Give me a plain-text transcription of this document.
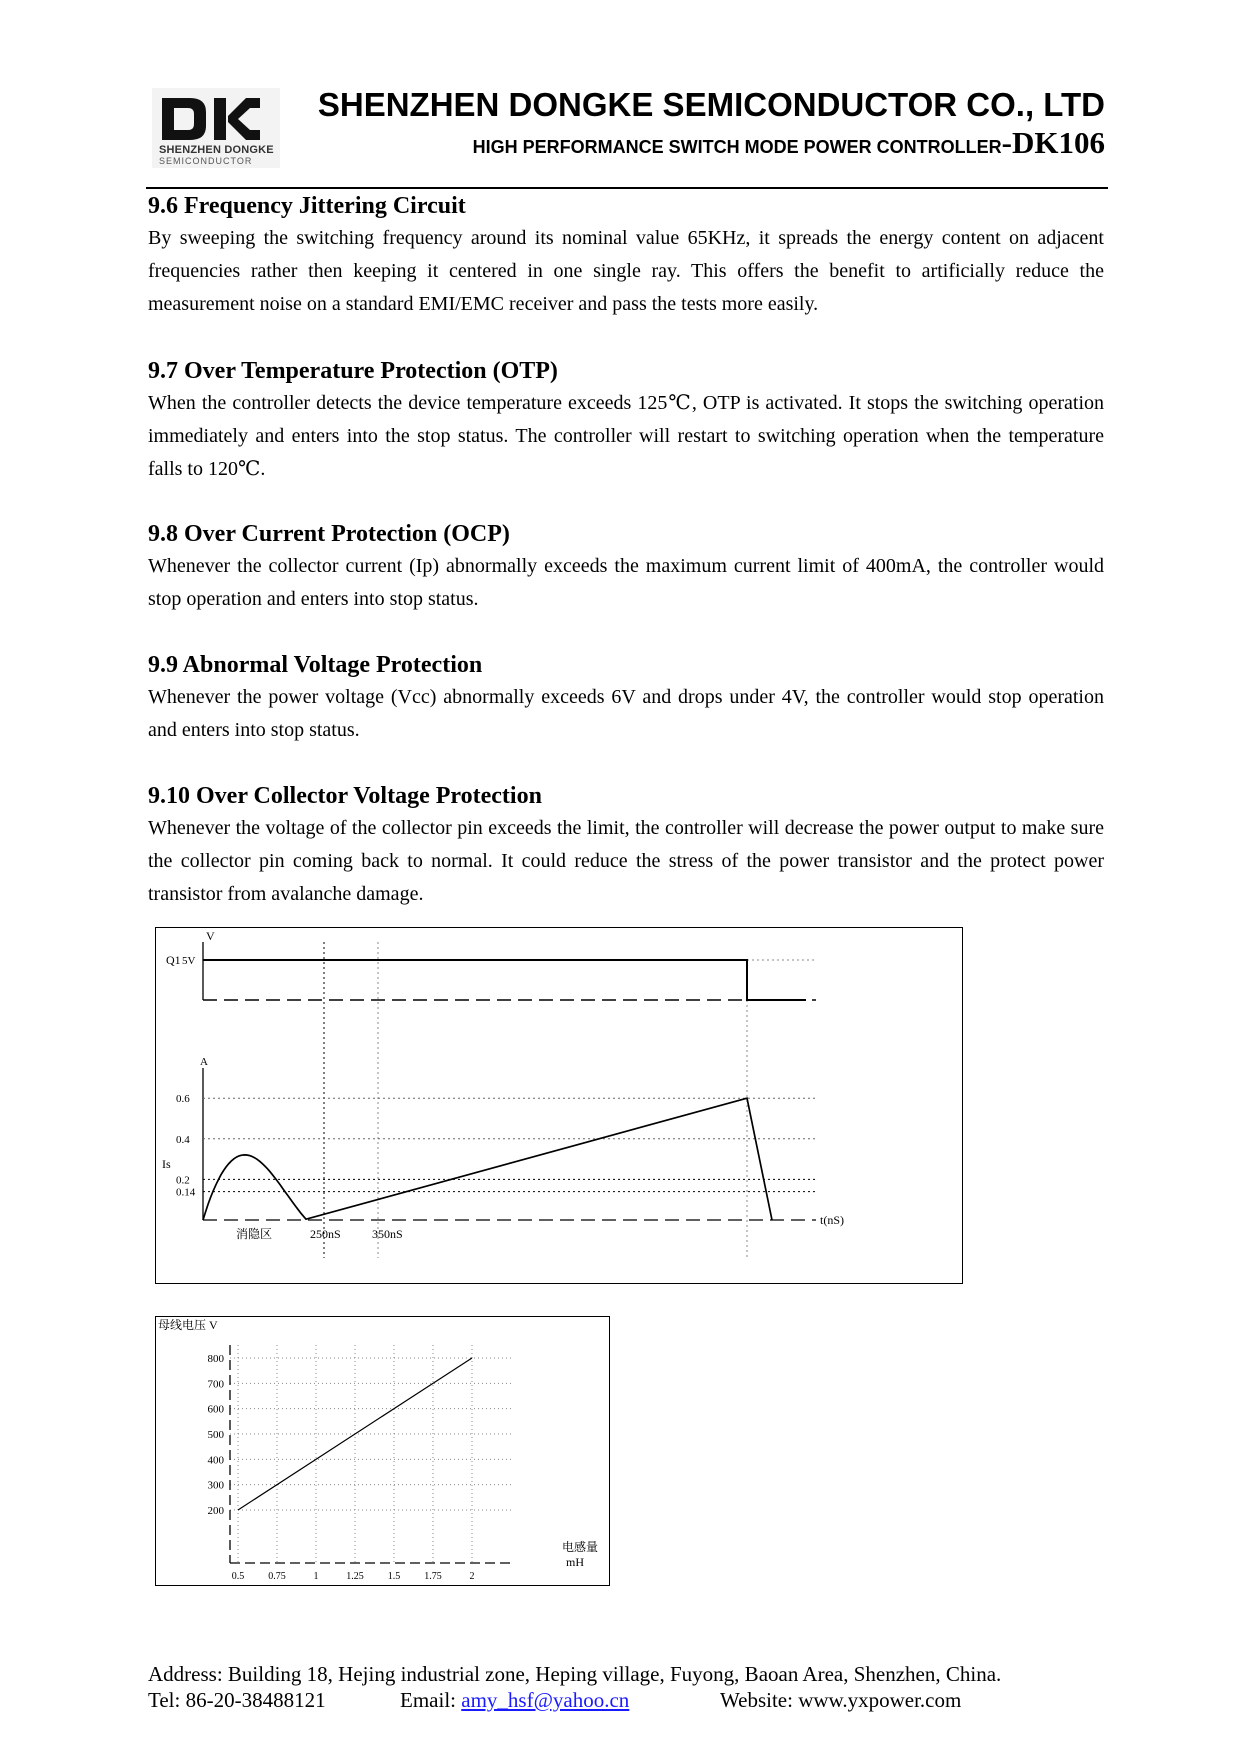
SHENZHEN DONGKE
SEMICONDUCTOR
SHENZHEN DONGKE SEMICONDUCTOR CO., LTD
HIGH PERFORMANCE SWITCH MODE POWER CONTROLLER-DK106
9.6 Frequency Jittering Circuit

By sweeping the switching frequency around its nominal value 65KHz, it spreads the energy content on adjacent frequencies rather then keeping it centered in one single ray. This offers the benefit to artificially reduce the measurement noise on a standard EMI/EMC receiver and pass the tests more easily.

9.7 Over Temperature Protection (OTP)

When the controller detects the device temperature exceeds 125℃, OTP is activated. It stops the switching operation immediately and enters into the stop status. The controller will restart to switching operation when the temperature falls to 120℃.

9.8 Over Current Protection (OCP)

Whenever the collector current (Ip) abnormally exceeds the maximum current limit of 400mA, the controller would stop operation and enters into stop status.

9.9 Abnormal Voltage Protection

Whenever the power voltage (Vcc) abnormally exceeds 6V and drops under 4V, the controller would stop operation and enters into stop status.

9.10 Over Collector Voltage Protection

Whenever the voltage of the collector pin exceeds the limit, the controller will decrease the power output to make sure the collector pin coming back to normal. It could reduce the stress of the power transistor and the protect power transistor from avalanche damage.

V
Q1 5V
A
Is
0.6
0.4
0.2
0.14
消隐区	250nS	350nS
t(nS)
母线电压 V
0.5 0.75	1	1.25 1.5 1.75	2
800
700
600
500
400
300
200
电感量
mH
Address: Building 18, Hejing industrial zone, Heping village, Fuyong, Baoan Area, Shenzhen, China.
Tel: 86-20-38488121	Email: amy_hsf@yahoo.cn	Website: www.yxpower.com
